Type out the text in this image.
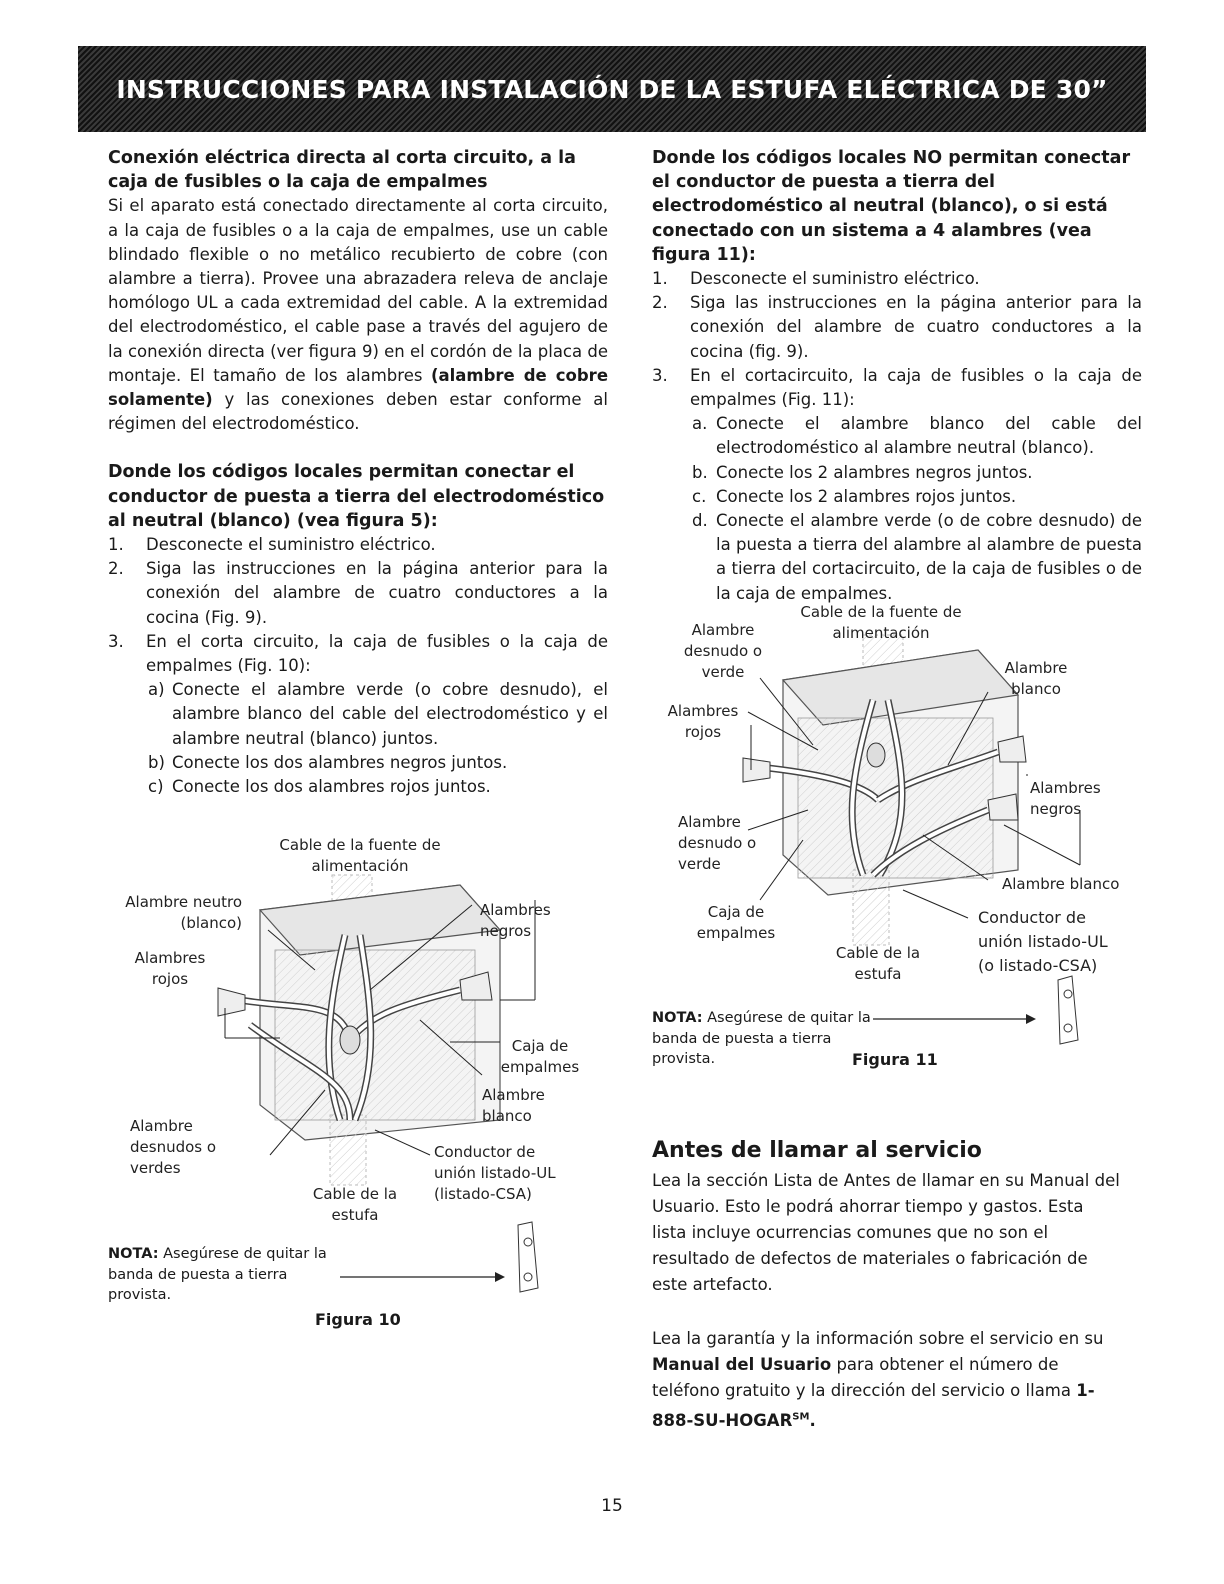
INSTRUCCIONES PARA INSTALACIÓN DE LA ESTUFA ELÉCTRICA DE 30”
Conexión eléctrica directa al corta circuito, a la caja de fusibles o la caja de empalmes

Si el aparato está conectado directamente al corta circuito, a la caja de fusibles o a la caja de empalmes, use un cable blindado flexible o no metálico recubierto de cobre (con alambre a tierra). Provee una abrazadera releva de anclaje homólogo UL a cada extremidad del cable. A la extremidad del electrodoméstico, el cable pase a través del agujero de la conexión directa (ver figura 9) en el cordón de la placa de montaje. El tamaño de los alambres (alambre de cobre solamente) y las conexiones deben estar conforme al régimen del electrodoméstico.

Donde los códigos locales permitan conectar el conductor de puesta a tierra del electrodoméstico al neutral (blanco) (vea figura 5):
1. Desconecte el suministro eléctrico.
2. Siga las instrucciones en la página anterior para la conexión del alambre de cuatro conductores a la cocina (Fig. 9).
3. En el corta circuito, la caja de fusibles o la caja de empalmes (Fig. 10):
a) Conecte el alambre verde (o cobre desnudo), el alambre blanco del cable del electrodoméstico y el alambre neutral (blanco) juntos.
b) Conecte los dos alambres negros juntos.
c) Conecte los dos alambres rojos juntos.
Cable de la fuente de alimentación
Alambre neutro (blanco)
Alambres rojos
Alambres negros
Caja de empalmes
Alambre blanco
Alambre desnudos o verdes
Conductor de unión listado-UL (listado-CSA)
Cable de la estufa
NOTA: Asegúrese de quitar la banda de puesta a tierra provista.
Figura 10
Donde los códigos locales NO permitan conectar el conductor de puesta a tierra del electrodoméstico al neutral (blanco), o si está conectado con un sistema a 4 alambres (vea figura 11):
1. Desconecte el suministro eléctrico.
2. Siga las instrucciones en la página anterior para la conexión del alambre de cuatro conductores a la cocina (fig. 9).
3. En el cortacircuito, la caja de fusibles o la caja de empalmes (Fig. 11):
a. Conecte el alambre blanco del cable del electrodoméstico al alambre neutral (blanco).
b. Conecte los 2 alambres negros juntos.
c. Conecte los 2 alambres rojos juntos.
d. Conecte el alambre verde (o de cobre desnudo) de la puesta a tierra del alambre al alambre de puesta a tierra del cortacircuito, de la caja de fusibles o de la caja de empalmes.
Cable de la fuente de alimentación
Alambre desnudo o verde	Alambre blanco
Alambres rojos
Alambres negros
Alambre desnudo o verde
Alambre blanco
Caja de empalmes
Cable de la estufa
Conductor de unión listado-UL (o listado-CSA)
NOTA: Asegúrese de quitar la banda de puesta a tierra provista.	Figura 11
Antes de llamar al servicio
Lea la sección Lista de Antes de llamar en su Manual del Usuario. Esto le podrá ahorrar tiempo y gastos. Esta lista incluye ocurrencias comunes que no son el resultado de defectos de materiales o fabricación de este artefacto.
Lea la garantía y la información sobre el servicio en su Manual del Usuario para obtener el número de teléfono gratuito y la dirección del servicio o llama 1-888-SU-HOGAR℠.
15
